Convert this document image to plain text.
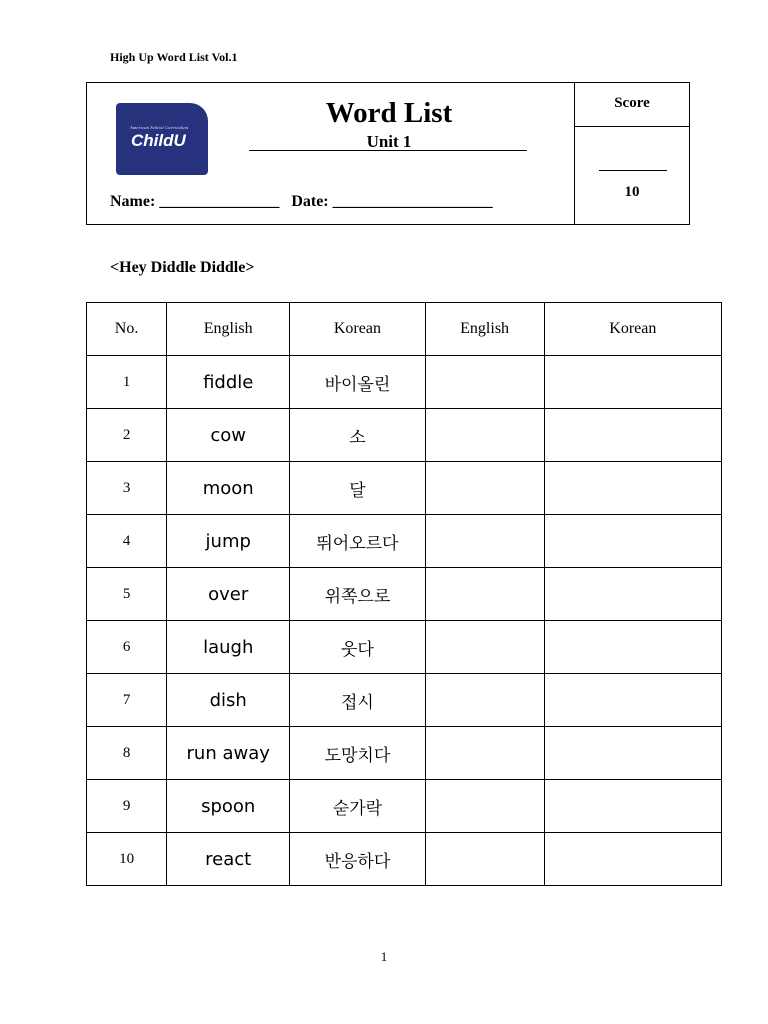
High Up Word List Vol.1
American School Curriculum
ChildU
Word List
Unit 1
Name: _______________   Date: ____________________
Score
10
<Hey Diddle Diddle>
No.	English	Korean	English	Korean
1	fiddle	바이올린		
2	cow	소		
3	moon	달		
4	jump	뛰어오르다		
5	over	위쪽으로		
6	laugh	웃다		
7	dish	접시		
8	run away	도망치다		
9	spoon	숟가락		
10	react	반응하다		
1
